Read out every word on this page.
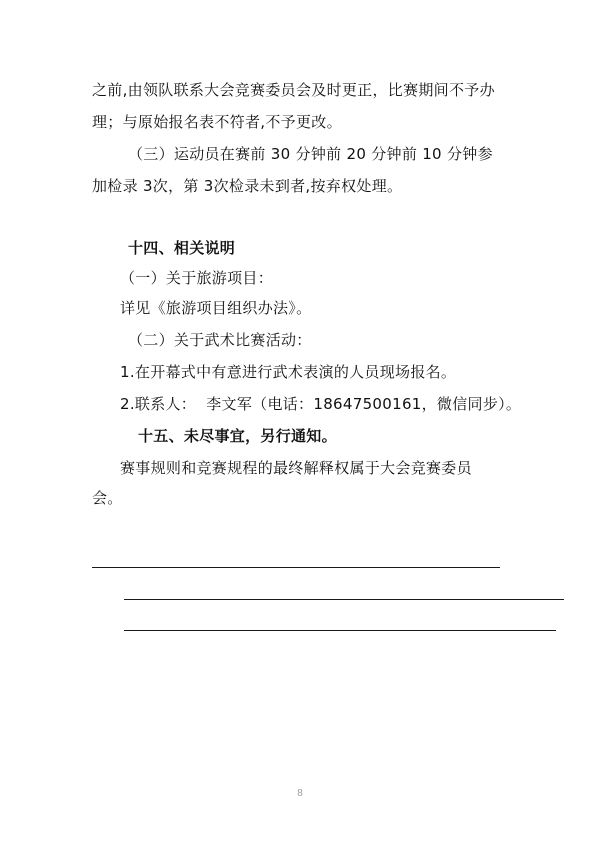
之前,由领队联系大会竞赛委员会及时更正，比赛期间不予办
理；与原始报名表不符者,不予更改。
（三）运动员在赛前 30 分钟前 20 分钟前 10 分钟参
加检录 3次，第 3次检录未到者,按弃权处理。
十四、相关说明
（一）关于旅游项目：
详见《旅游项目组织办法》。
（二）关于武术比赛活动：
1.在开幕式中有意进行武术表演的人员现场报名。
2.联系人：  李文军（电话：18647500161，微信同步）。
十五、未尽事宜，另行通知。
赛事规则和竞赛规程的最终解释权属于大会竞赛委员
会。
8
